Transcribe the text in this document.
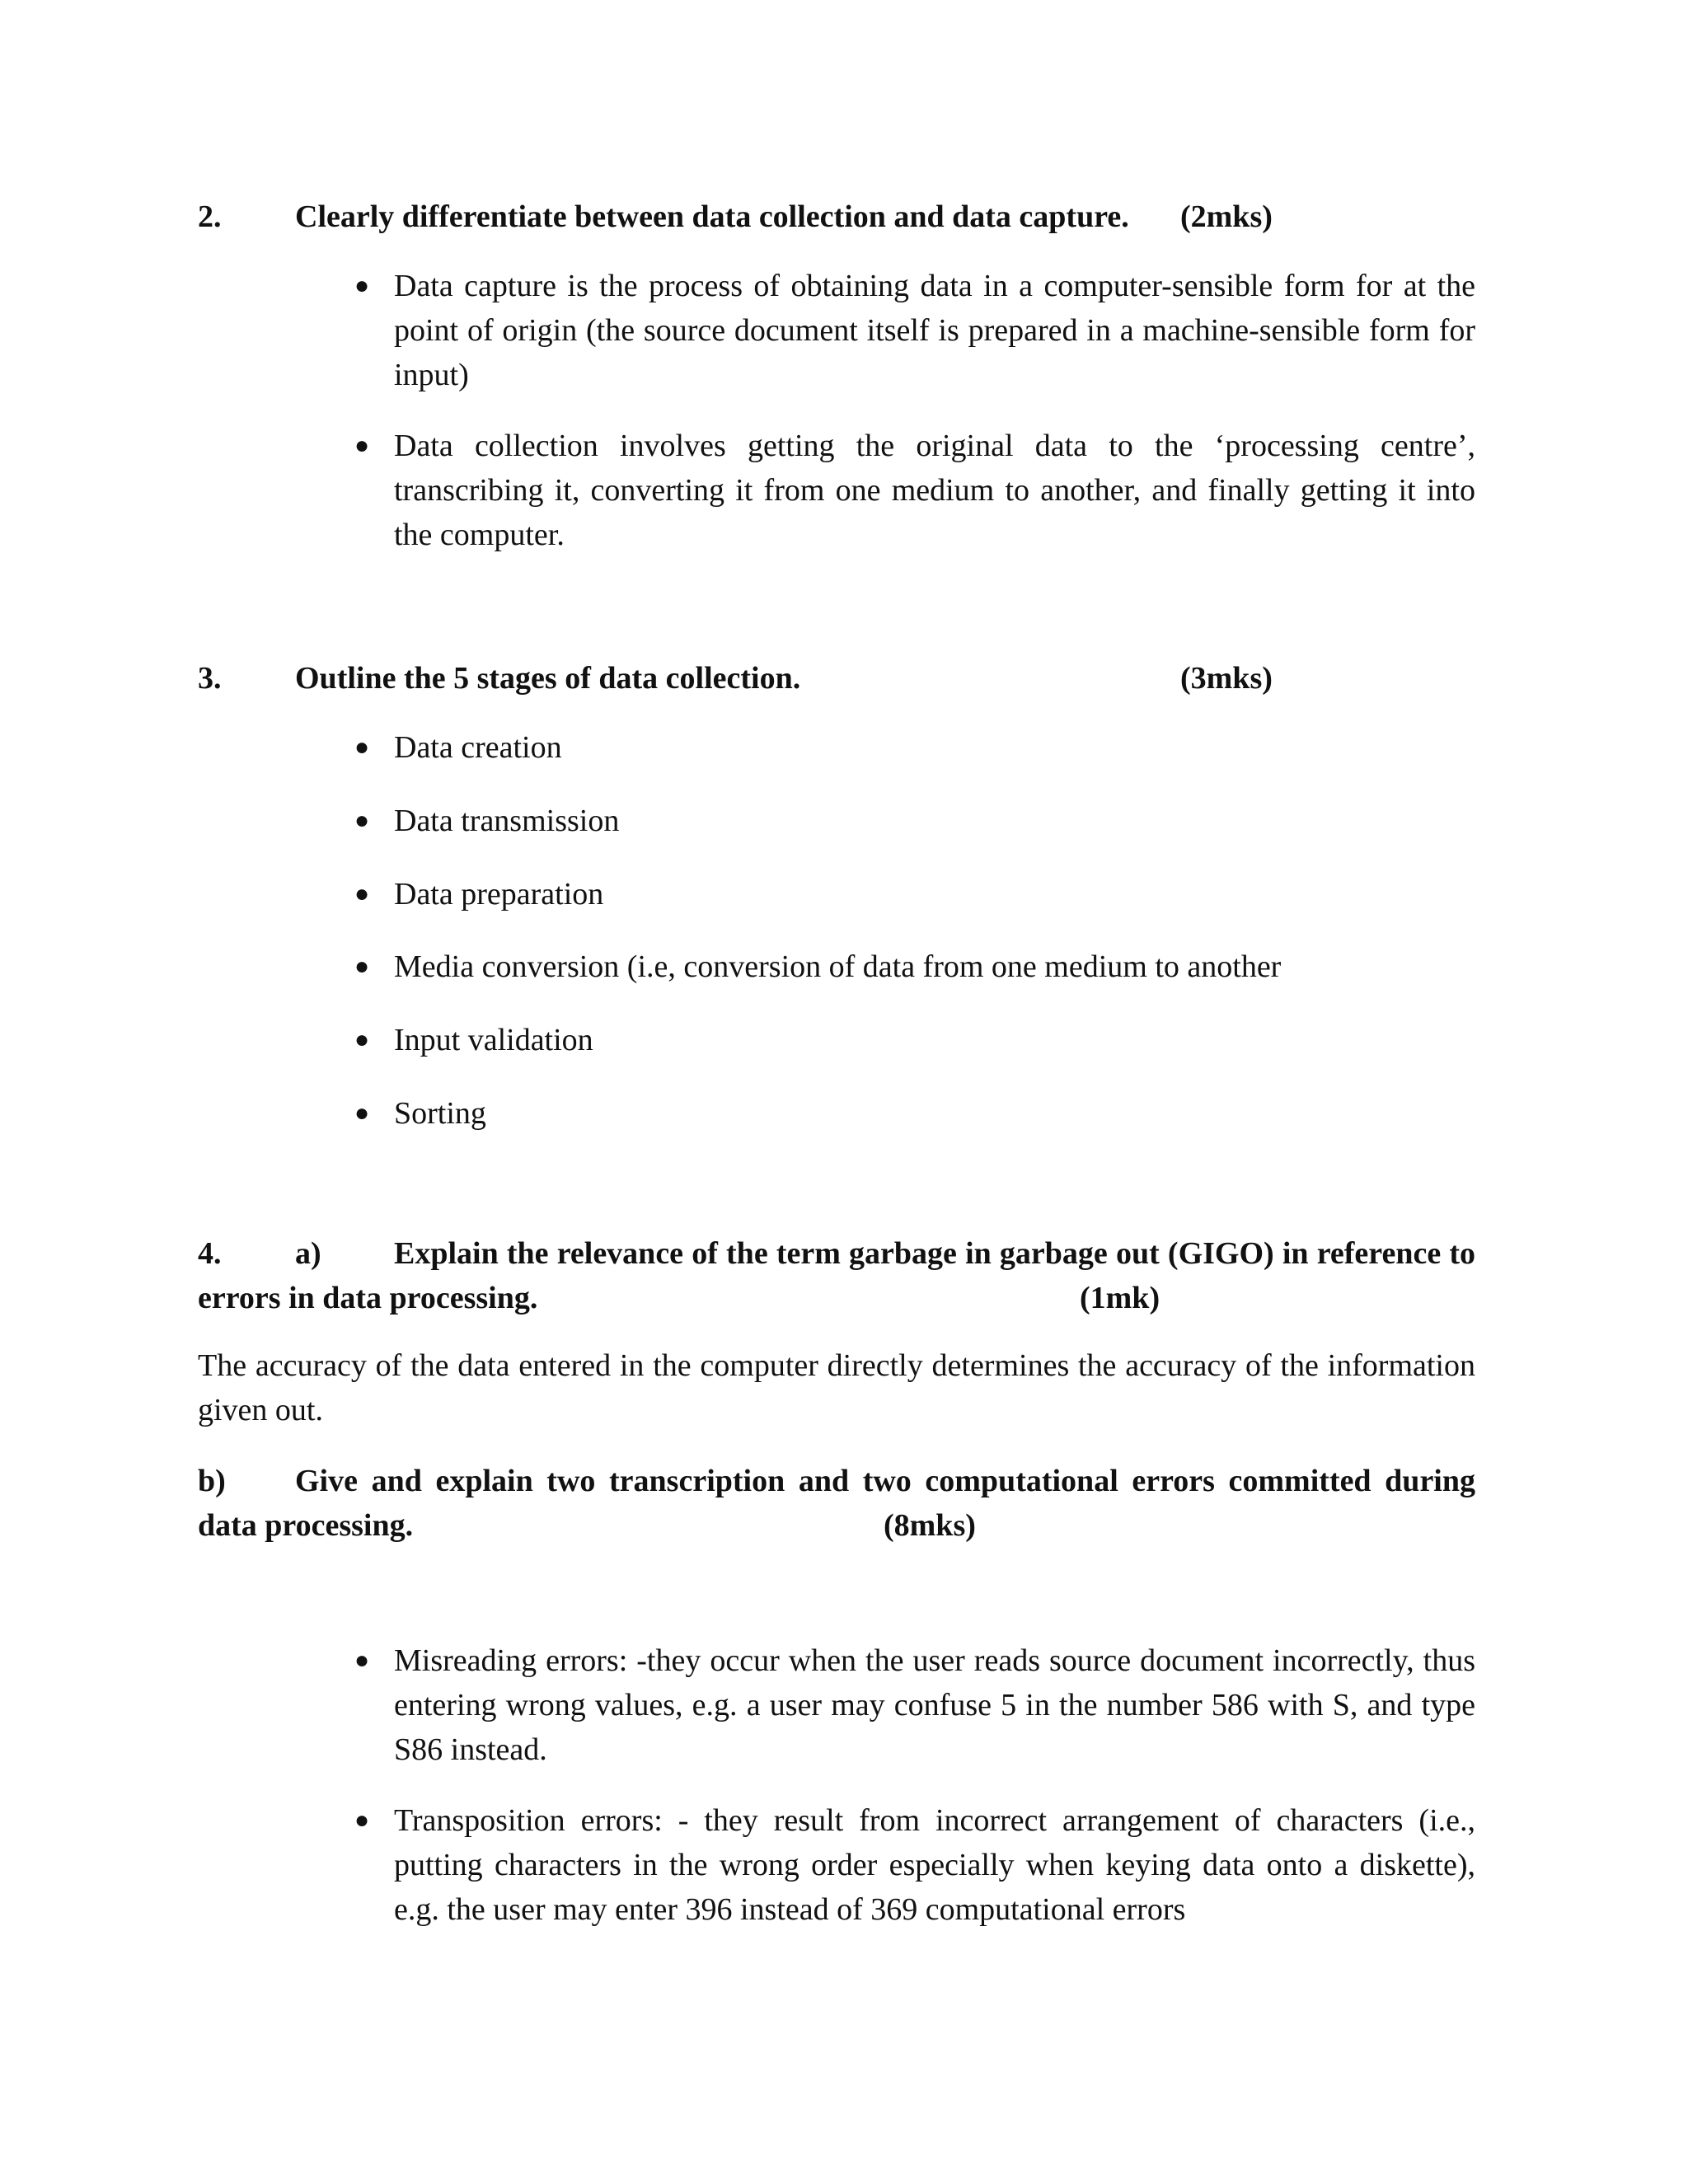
2. Clearly differentiate between data collection and data capture. (2mks)
● Data capture is the process of obtaining data in a computer-sensible form for at the point of origin (the source document itself is prepared in a machine-sensible form for input)
● Data collection involves getting the original data to the ‘processing centre’, transcribing it, converting it from one medium to another, and finally getting it into the computer.
3. Outline the 5 stages of data collection.	(3mks)
● Data creation
● Data transmission
● Data preparation
● Media conversion (i.e, conversion of data from one medium to another
● Input validation
● Sorting
4. a) Explain the relevance of the term garbage in garbage out (GIGO) in reference to errors in data processing.	(1mk)
The accuracy of the data entered in the computer directly determines the accuracy of the information given out.
b) Give and explain two transcription and two computational errors committed during data processing.	(8mks)
● Misreading errors: -they occur when the user reads source document incorrectly, thus entering wrong values, e.g. a user may confuse 5 in the number 586 with S, and type S86 instead.
● Transposition errors: - they result from incorrect arrangement of characters (i.e., putting characters in the wrong order especially when keying data onto a diskette), e.g. the user may enter 396 instead of 369 computational errors
